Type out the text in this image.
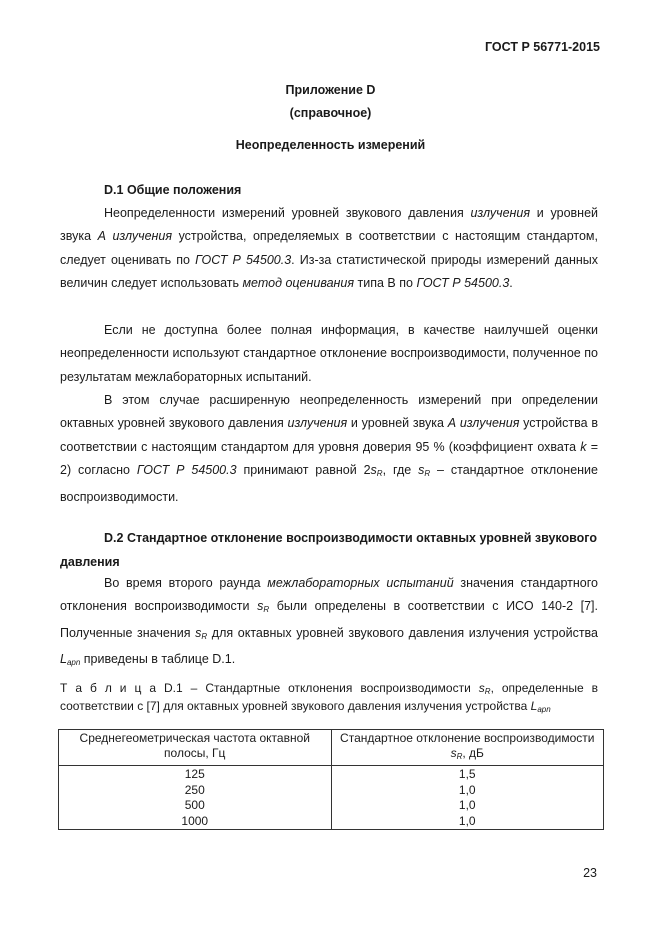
ГОСТ Р 56771-2015
Приложение D
(справочное)
Неопределенность измерений
D.1 Общие положения

Неопределенности измерений уровней звукового давления излучения и уровней звука А излучения устройства, определяемых в соответствии с настоящим стандартом, следует оценивать по ГОСТ Р 54500.3. Из-за статистической природы измерений данных величин следует использовать метод оценивания типа В по ГОСТ Р 54500.3.

Если не доступна более полная информация, в качестве наилучшей оценки неопределенности используют стандартное отклонение воспроизводимости, полученное по результатам межлабораторных испытаний.

В этом случае расширенную неопределенность измерений при определении октавных уровней звукового давления излучения и уровней звука А излучения устройства в соответствии с настоящим стандартом для уровня доверия 95 % (коэффициент охвата k = 2) согласно ГОСТ Р 54500.3 принимают равной $2s_R$, где $s_R$ – стандартное отклонение воспроизводимости.

D.2 Стандартное отклонение воспроизводимости октавных уровней звукового давления

Во время второго раунда межлабораторных испытаний значения стандартного отклонения воспроизводимости $s_R$ были определены в соответствии с ИСО 140-2 [7]. Полученные значения $s_R$ для октавных уровней звукового давления излучения устройства $L_{apn}$ приведены в таблице D.1.

Т а б л и ц а D.1 – Стандартные отклонения воспроизводимости $s_R$, определенные в соответствии с [7] для октавных уровней звукового давления излучения устройства $L_{apn}$
Среднегеометрическая частота октавной полосы, Гц	Стандартное отклонение воспроизводимости $s_R$, дБ
125	1,5
250	1,0
500	1,0
1000	1,0
23
